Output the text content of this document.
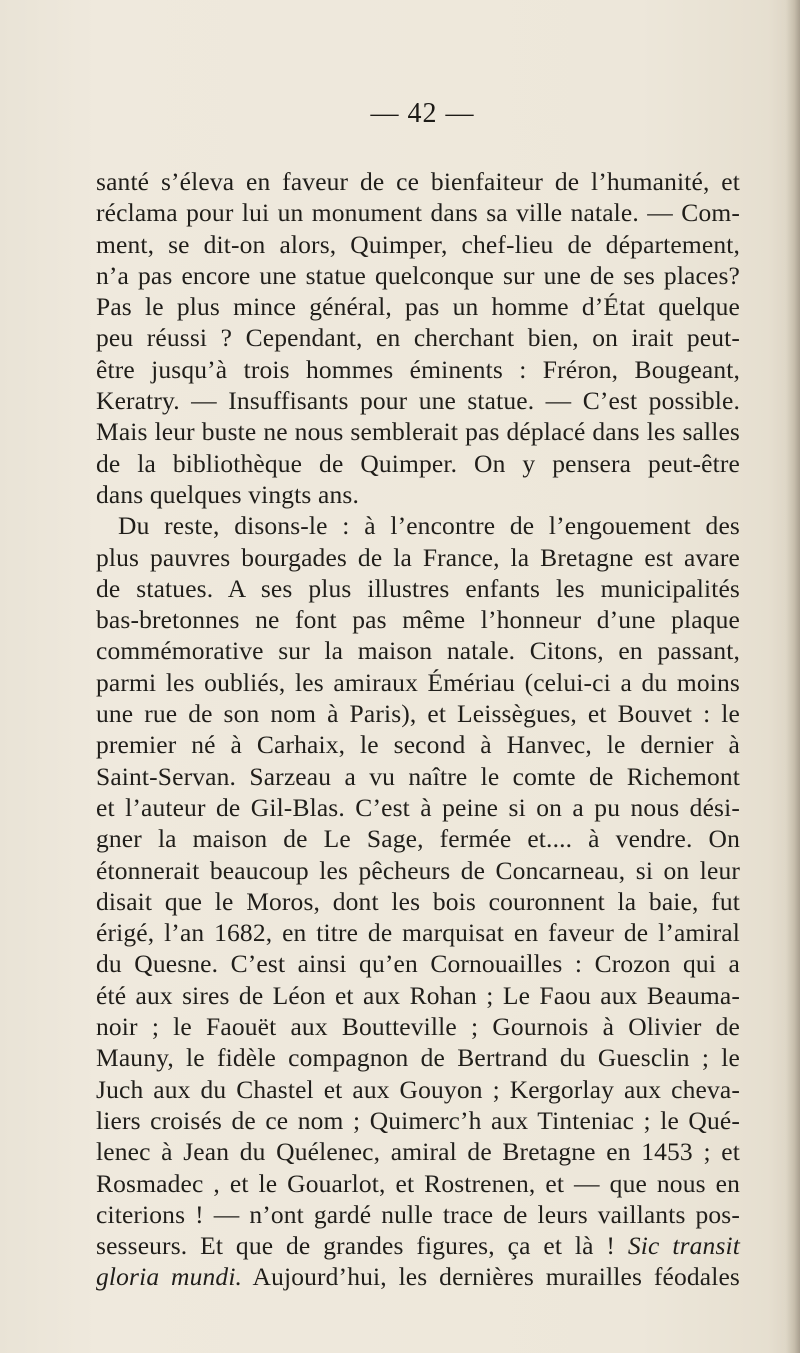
— 42 —
santé s’éleva en faveur de ce bienfaiteur de l’humanité, et
réclama pour lui un monument dans sa ville natale. — Com-
ment, se dit-on alors, Quimper, chef-lieu de département,
n’a pas encore une statue quelconque sur une de ses places?
Pas le plus mince général, pas un homme d’État quelque
peu réussi ? Cependant, en cherchant bien, on irait peut-
être jusqu’à trois hommes éminents : Fréron, Bougeant,
Keratry. — Insuffisants pour une statue. — C’est possible.
Mais leur buste ne nous semblerait pas déplacé dans les salles
de la bibliothèque de Quimper. On y pensera peut-être
dans quelques vingts ans.
Du reste, disons-le : à l’encontre de l’engouement des
plus pauvres bourgades de la France, la Bretagne est avare
de statues. A ses plus illustres enfants les municipalités
bas-bretonnes ne font pas même l’honneur d’une plaque
commémorative sur la maison natale. Citons, en passant,
parmi les oubliés, les amiraux Émériau (celui-ci a du moins
une rue de son nom à Paris), et Leissègues, et Bouvet : le
premier né à Carhaix, le second à Hanvec, le dernier à
Saint-Servan. Sarzeau a vu naître le comte de Richemont
et l’auteur de Gil-Blas. C’est à peine si on a pu nous dési-
gner la maison de Le Sage, fermée et.... à vendre. On
étonnerait beaucoup les pêcheurs de Concarneau, si on leur
disait que le Moros, dont les bois couronnent la baie, fut
érigé, l’an 1682, en titre de marquisat en faveur de l’amiral
du Quesne. C’est ainsi qu’en Cornouailles : Crozon qui a
été aux sires de Léon et aux Rohan ; Le Faou aux Beauma-
noir ; le Faouët aux Boutteville ; Gournois à Olivier de
Mauny, le fidèle compagnon de Bertrand du Guesclin ; le
Juch aux du Chastel et aux Gouyon ; Kergorlay aux cheva-
liers croisés de ce nom ; Quimerc’h aux Tinteniac ; le Qué-
lenec à Jean du Quélenec, amiral de Bretagne en 1453 ; et
Rosmadec , et le Gouarlot, et Rostrenen, et — que nous en
citerions ! — n’ont gardé nulle trace de leurs vaillants pos-
sesseurs. Et que de grandes figures, ça et là ! Sic transit
gloria mundi. Aujourd’hui, les dernières murailles féodales
